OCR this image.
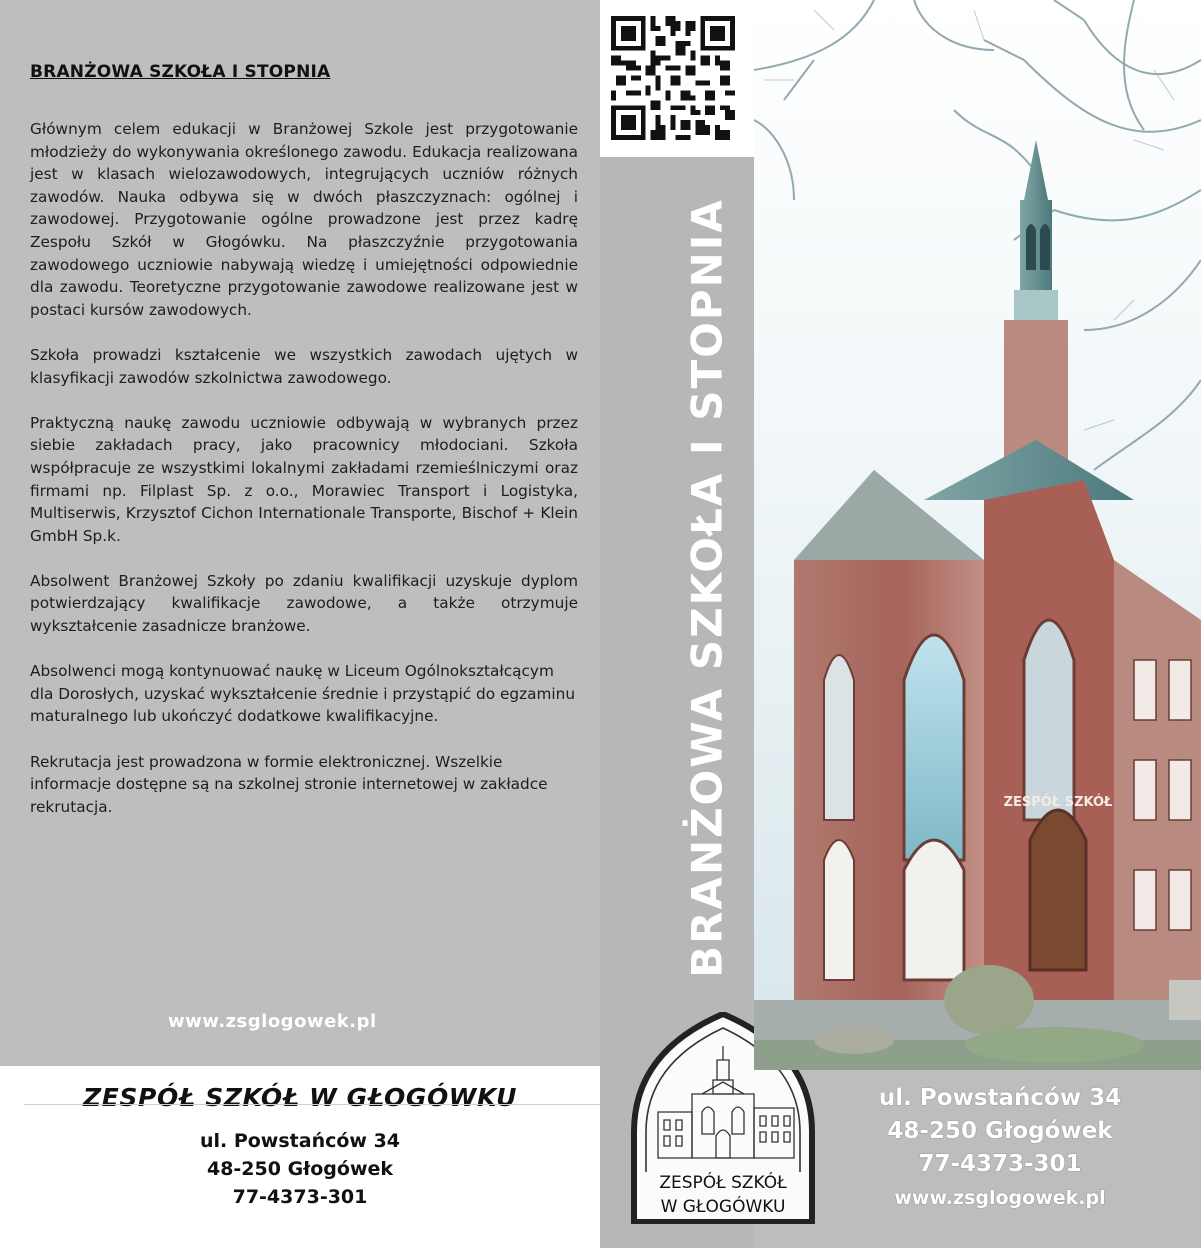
BRANŻOWA SZKOŁA I STOPNIA

Głównym celem edukacji w Branżowej Szkole jest przygotowanie młodzieży do wykonywania określonego zawodu. Edukacja realizowana jest w klasach wielozawodowych, integrujących uczniów różnych zawodów. Nauka odbywa się w dwóch płaszczyznach: ogólnej i zawodowej. Przygotowanie ogólne prowadzone jest przez kadrę Zespołu Szkół w Głogówku. Na płaszczyźnie przygotowania zawodowego uczniowie nabywają wiedzę i umiejętności odpowiednie dla zawodu. Teoretyczne przygotowanie zawodowe realizowane jest w postaci kursów zawodowych.

Szkoła prowadzi kształcenie we wszystkich zawodach ujętych w klasyfikacji zawodów szkolnictwa zawodowego.

Praktyczną naukę zawodu uczniowie odbywają w wybranych przez siebie zakładach pracy, jako pracownicy młodociani. Szkoła współpracuje ze wszystkimi lokalnymi zakładami rzemieślniczymi oraz firmami np. Filplast Sp. z o.o., Morawiec Transport i Logistyka, Multiserwis, Krzysztof Cichon Internationale Transporte, Bischof + Klein GmbH Sp.k.

Absolwent Branżowej Szkoły po zdaniu kwalifikacji uzyskuje dyplom potwierdzający kwalifikacje zawodowe, a także otrzymuje wykształcenie zasadnicze branżowe.

Absolwenci mogą kontynuować naukę w Liceum Ogólnokształcącym dla Dorosłych, uzyskać wykształcenie średnie i przystąpić do egzaminu maturalnego lub ukończyć dodatkowe kwalifikacyjne.

Rekrutacja jest prowadzona w formie elektronicznej. Wszelkie informacje dostępne są na szkolnej stronie internetowej w zakładce rekrutacja.

www.zsglogowek.pl
ZESPÓŁ SZKÓŁ W GŁOGÓWKU
ul. Powstańców 34
48-250 Głogówek
77-4373-301
BRANŻOWA SZKOŁA I STOPNIA
ZESPÓŁ SZKÓŁ
W GŁOGÓWKU
ZESPÓŁ SZKÓŁ
ul. Powstańców 34
48-250 Głogówek
77-4373-301
www.zsglogowek.pl
